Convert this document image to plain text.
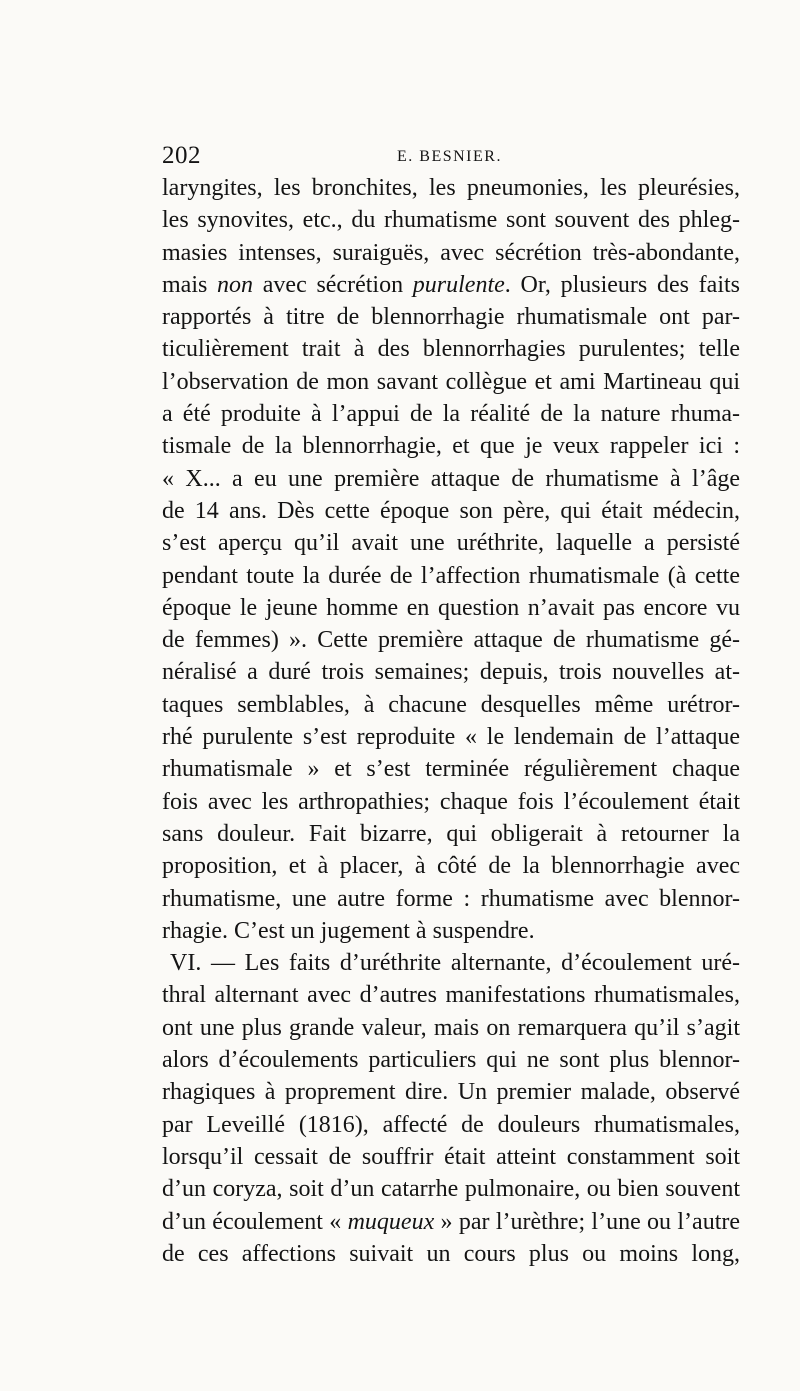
202	E. BESNIER.
laryngites, les bronchites, les pneumonies, les pleurésies,
les synovites, etc., du rhumatisme sont souvent des phleg-
masies intenses, suraiguës, avec sécrétion très-abondante,
mais non avec sécrétion purulente. Or, plusieurs des faits
rapportés à titre de blennorrhagie rhumatismale ont par-
ticulièrement trait à des blennorrhagies purulentes; telle
l’observation de mon savant collègue et ami Martineau qui
a été produite à l’appui de la réalité de la nature rhuma-
tismale de la blennorrhagie, et que je veux rappeler ici :
« X... a eu une première attaque de rhumatisme à l’âge
de 14 ans. Dès cette époque son père, qui était médecin,
s’est aperçu qu’il avait une uréthrite, laquelle a persisté
pendant toute la durée de l’affection rhumatismale (à cette
époque le jeune homme en question n’avait pas encore vu
de femmes) ». Cette première attaque de rhumatisme gé-
néralisé a duré trois semaines; depuis, trois nouvelles at-
taques semblables, à chacune desquelles même urétror-
rhé purulente s’est reproduite « le lendemain de l’attaque
rhumatismale » et s’est terminée régulièrement chaque
fois avec les arthropathies; chaque fois l’écoulement était
sans douleur. Fait bizarre, qui obligerait à retourner la
proposition, et à placer, à côté de la blennorrhagie avec
rhumatisme, une autre forme : rhumatisme avec blennor-
rhagie. C’est un jugement à suspendre.
VI. — Les faits d’uréthrite alternante, d’écoulement uré-
thral alternant avec d’autres manifestations rhumatismales,
ont une plus grande valeur, mais on remarquera qu’il s’agit
alors d’écoulements particuliers qui ne sont plus blennor-
rhagiques à proprement dire. Un premier malade, observé
par Leveillé (1816), affecté de douleurs rhumatismales,
lorsqu’il cessait de souffrir était atteint constamment soit
d’un coryza, soit d’un catarrhe pulmonaire, ou bien souvent
d’un écoulement « muqueux » par l’urèthre; l’une ou l’autre
de ces affections suivait un cours plus ou moins long,
